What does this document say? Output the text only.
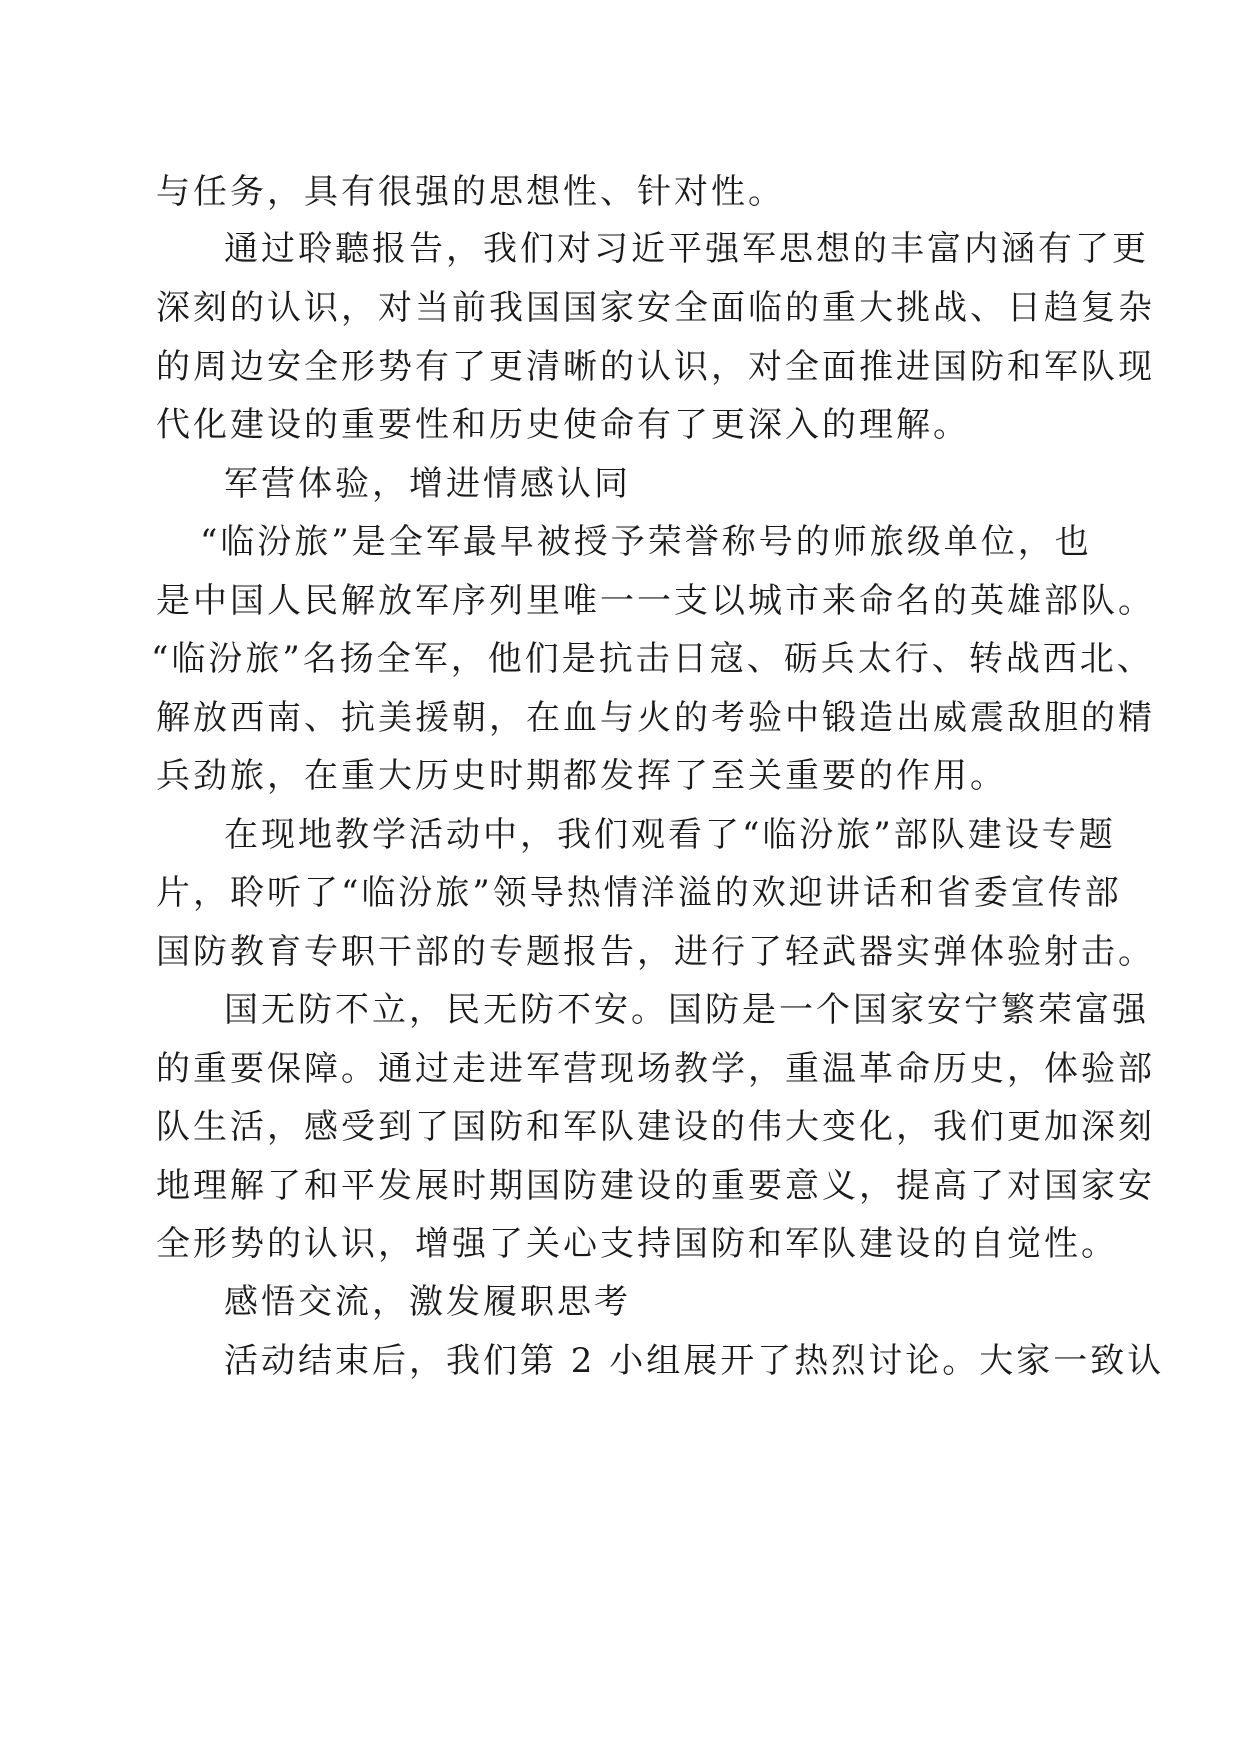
与任务，具有很强的思想性、针对性。
通过聆聽报告，我们对习近平强军思想的丰富内涵有了更
深刻的认识，对当前我国国家安全面临的重大挑战、日趋复杂
的周边安全形势有了更清晰的认识，对全面推进国防和军队现
代化建设的重要性和历史使命有了更深入的理解。
军营体验，增进情感认同
“临汾旅”是全军最早被授予荣誉称号的师旅级单位，也
是中国人民解放军序列里唯一一支以城市来命名的英雄部队。
“临汾旅”名扬全军，他们是抗击日寇、砺兵太行、转战西北、
解放西南、抗美援朝，在血与火的考验中锻造出威震敌胆的精
兵劲旅，在重大历史时期都发挥了至关重要的作用。
在现地教学活动中，我们观看了“临汾旅”部队建设专题
片，聆听了“临汾旅”领导热情洋溢的欢迎讲话和省委宣传部
国防教育专职干部的专题报告，进行了轻武器实弹体验射击。
国无防不立，民无防不安。国防是一个国家安宁繁荣富强
的重要保障。通过走进军营现场教学，重温革命历史，体验部
队生活，感受到了国防和军队建设的伟大变化，我们更加深刻
地理解了和平发展时期国防建设的重要意义，提高了对国家安
全形势的认识，增强了关心支持国防和军队建设的自觉性。
感悟交流，激发履职思考
活动结束后，我们第 2 小组展开了热烈讨论。大家一致认
